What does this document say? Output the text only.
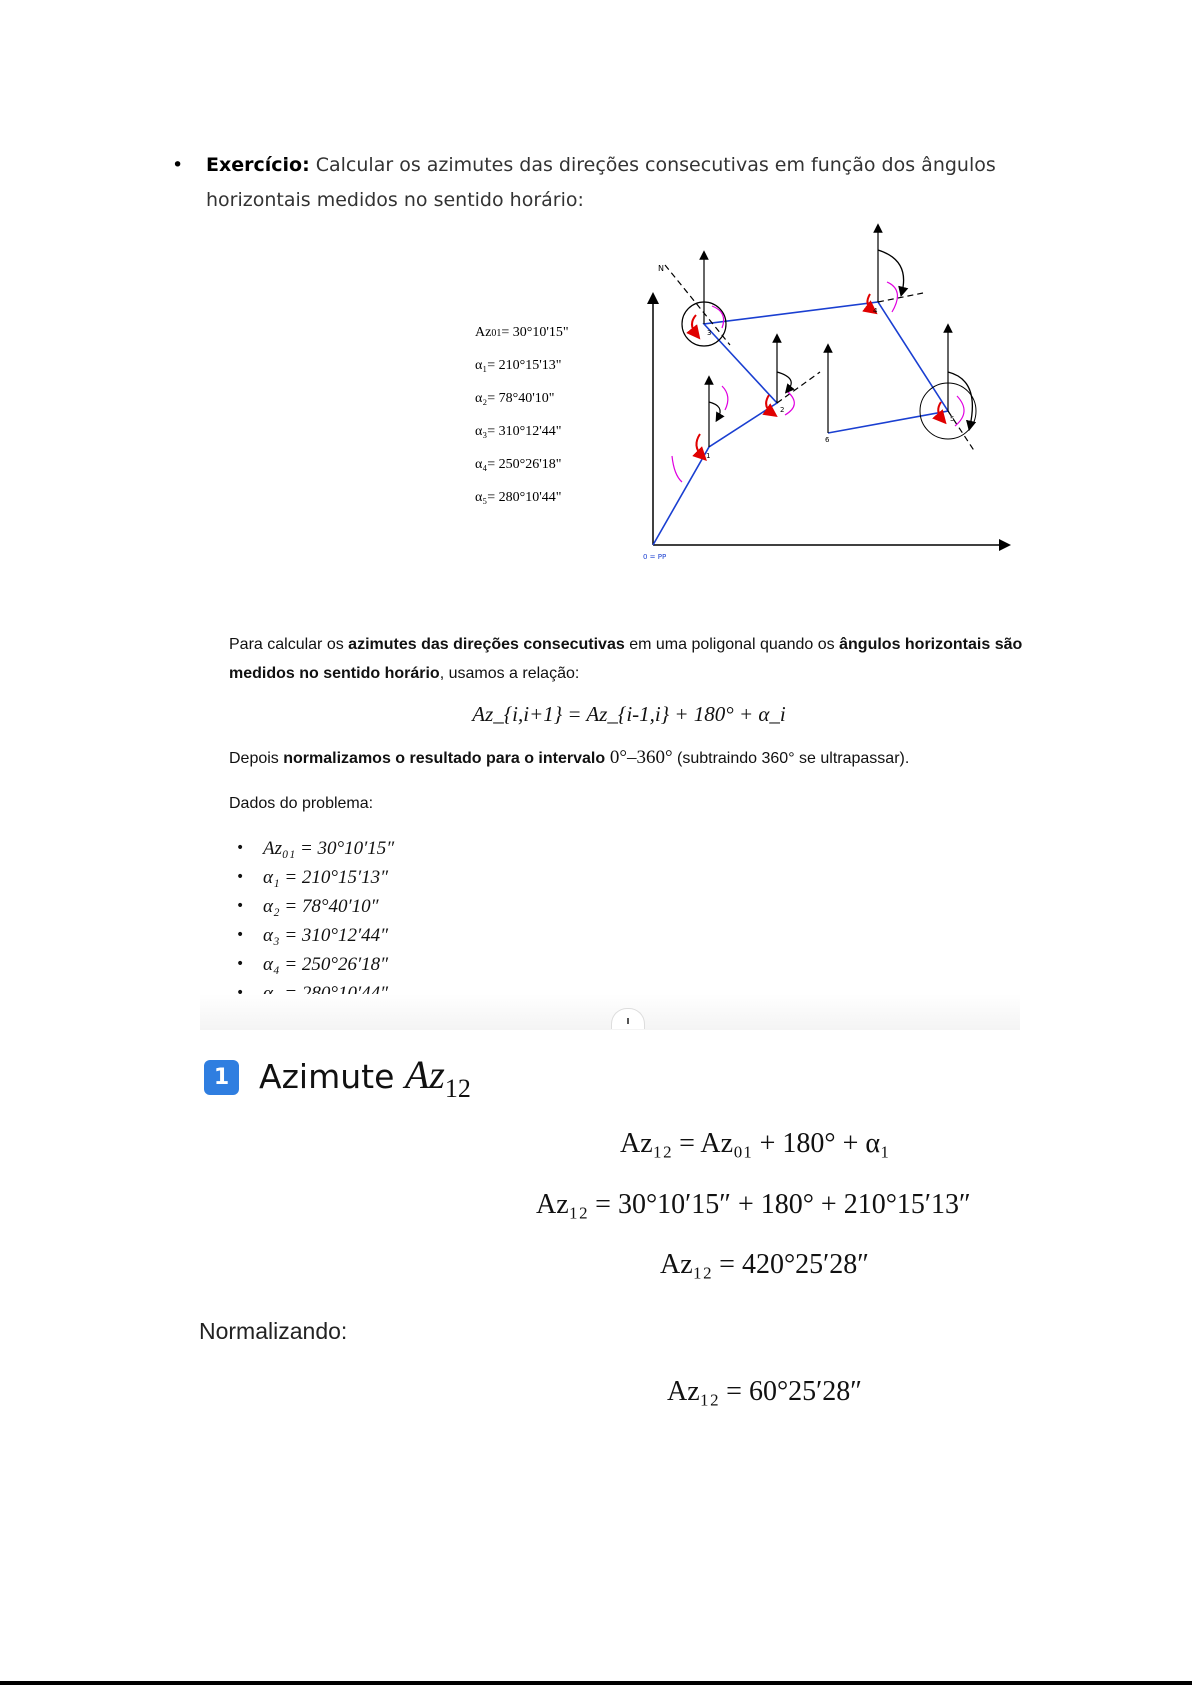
• Exercício: Calcular os azimutes das direções consecutivas em função dos ângulos horizontais medidos no sentido horário:
Az01= 30°10'15"
α₁= 210°15'13"
α₂= 78°40'10"
α₃= 310°12'44"
α₄= 250°26'18"
α₅= 280°10'44"
0 = PP
N
1
2
3
4
5
6
Para calcular os azimutes das direções consecutivas em uma poligonal quando os ângulos horizontais são medidos no sentido horário, usamos a relação:
Az_{i,i+1} = Az_{i-1,i} + 180° + α_i
Depois normalizamos o resultado para o intervalo 0°–360° (subtraindo 360° se ultrapassar).
Dados do problema:
• Az₀₁ = 30°10′15″
• α₁ = 210°15′13″
• α₂ = 78°40′10″
• α₃ = 310°12′44″
• α₄ = 250°26′18″
•
1 Azimute $Az_{12}$
Az₁₂ = Az₀₁ + 180° + α₁
Az₁₂ = 30°10′15″ + 180° + 210°15′13″
Az₁₂ = 420°25′28″
Normalizando:
Az₁₂ = 60°25′28″
